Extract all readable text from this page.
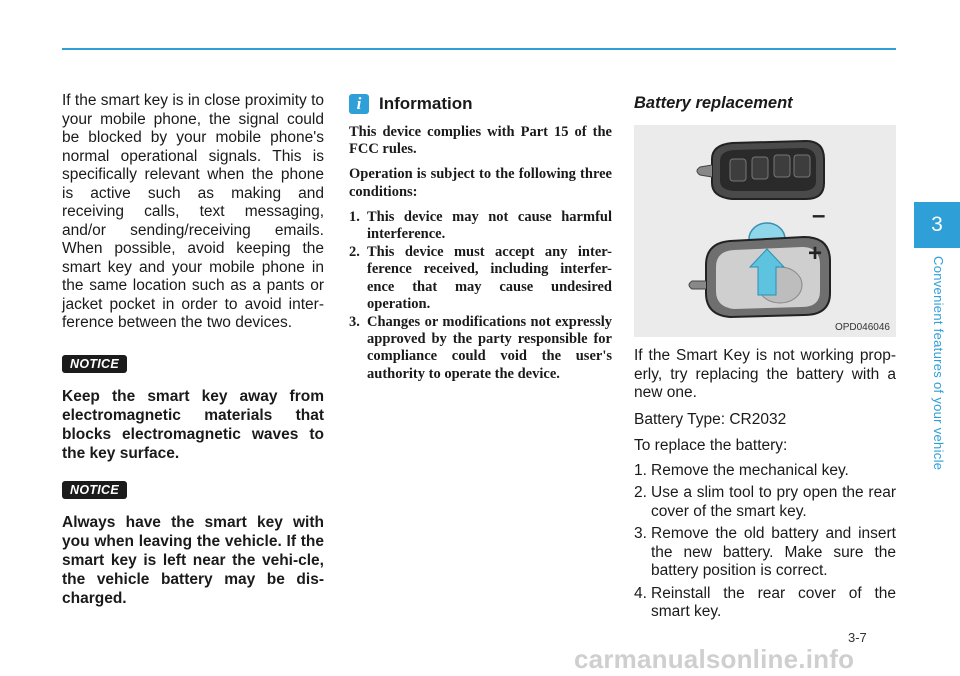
If the smart key is in close proximity to your mobile phone, the signal could be blocked by your mobile phone's normal operational signals. This is specifically relevant when the phone is active such as making and receiving calls, text messaging, and/or sending/receiving emails. When possible, avoid keeping the smart key and your mobile phone in the same location such as a pants or jacket pocket in order to avoid inter-ference between the two devices.

NOTICE

Keep the smart key away from electromagnetic materials that blocks electromagnetic waves to the key surface.

NOTICE

Always have the smart key with you when leaving the vehicle. If the smart key is left near the vehi-cle, the vehicle battery may be dis-charged.

i	Information

This device complies with Part 15 of the FCC rules.

Operation is subject to the following three conditions:

1. This device may not cause harmful interference.
2. This device must accept any inter-ference received, including interfer-ence that may cause undesired operation.
3. Changes or modifications not expressly approved by the party responsible for compliance could void the user's authority to operate the device.
Battery replacement
–
+
OPD046046

If the Smart Key is not working prop-erly, try replacing the battery with a new one.

Battery Type: CR2032

To replace the battery:

1. Remove the mechanical key.
2. Use a slim tool to pry open the rear cover of the smart key.
3. Remove the old battery and insert the new battery. Make sure the battery position is correct.
4. Reinstall the rear cover of the smart key.
3
Convenient features of your vehicle
3-7
carmanualsonline.info
